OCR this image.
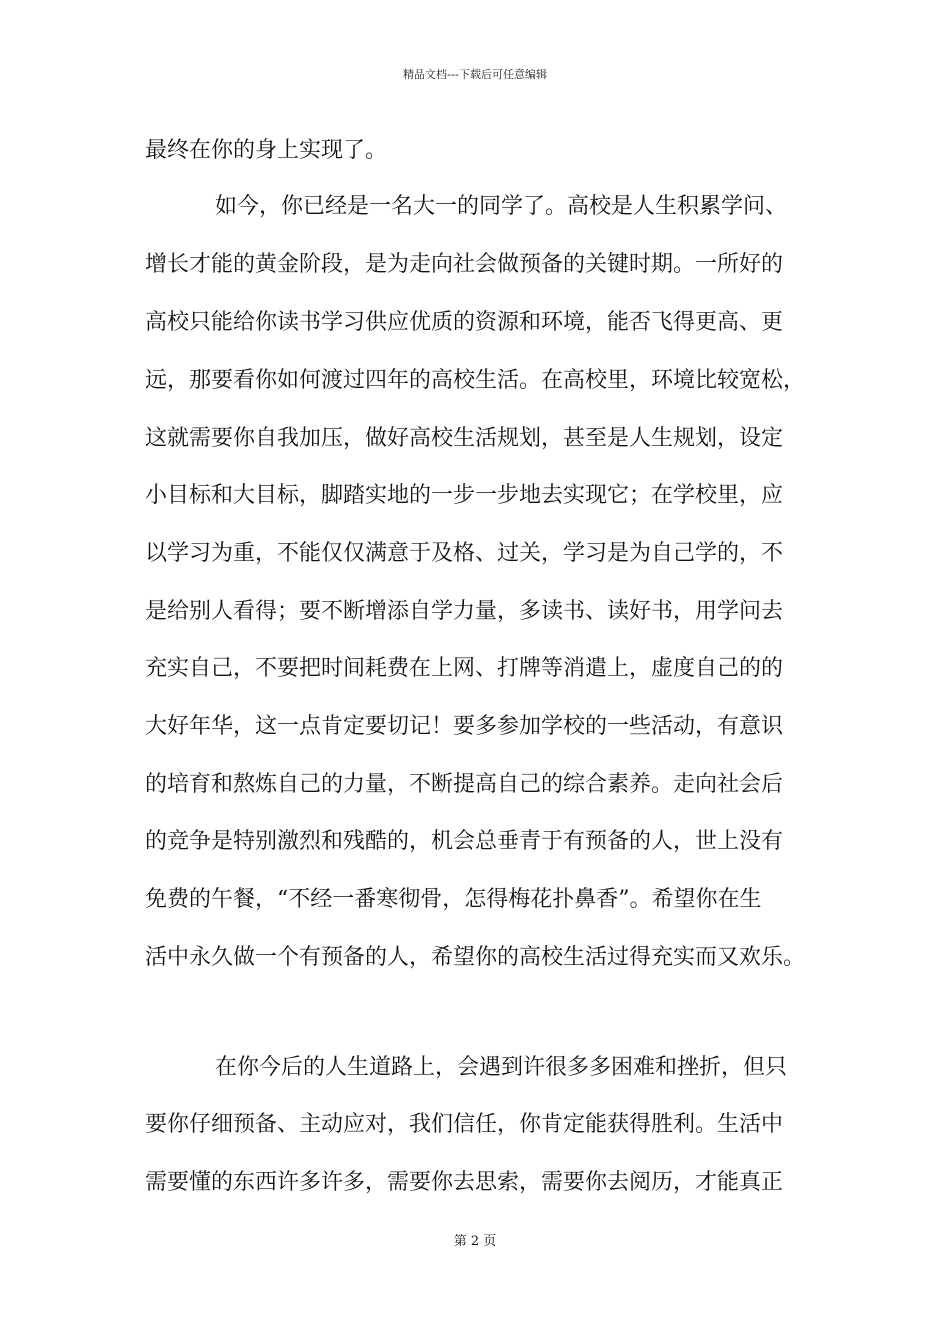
精品文档---下载后可任意编辑
最终在你的身上实现了。
如今，你已经是一名大一的同学了。高校是人生积累学问、
增长才能的黄金阶段，是为走向社会做预备的关键时期。一所好的
高校只能给你读书学习供应优质的资源和环境，能否飞得更高、更
远，那要看你如何渡过四年的高校生活。在高校里，环境比较宽松，
这就需要你自我加压，做好高校生活规划，甚至是人生规划，设定
小目标和大目标，脚踏实地的一步一步地去实现它；在学校里，应
以学习为重，不能仅仅满意于及格、过关，学习是为自己学的，不
是给别人看得；要不断增添自学力量，多读书、读好书，用学问去
充实自己，不要把时间耗费在上网、打牌等消遣上，虚度自己的的
大好年华，这一点肯定要切记！要多参加学校的一些活动，有意识
的培育和熬炼自己的力量，不断提高自己的综合素养。走向社会后
的竞争是特别激烈和残酷的，机会总垂青于有预备的人，世上没有
免费的午餐，“不经一番寒彻骨，怎得梅花扑鼻香”。希望你在生
活中永久做一个有预备的人，希望你的高校生活过得充实而又欢乐。
在你今后的人生道路上，会遇到许很多多困难和挫折，但只
要你仔细预备、主动应对，我们信任，你肯定能获得胜利。生活中
需要懂的东西许多许多，需要你去思索，需要你去阅历，才能真正
第 2 页
